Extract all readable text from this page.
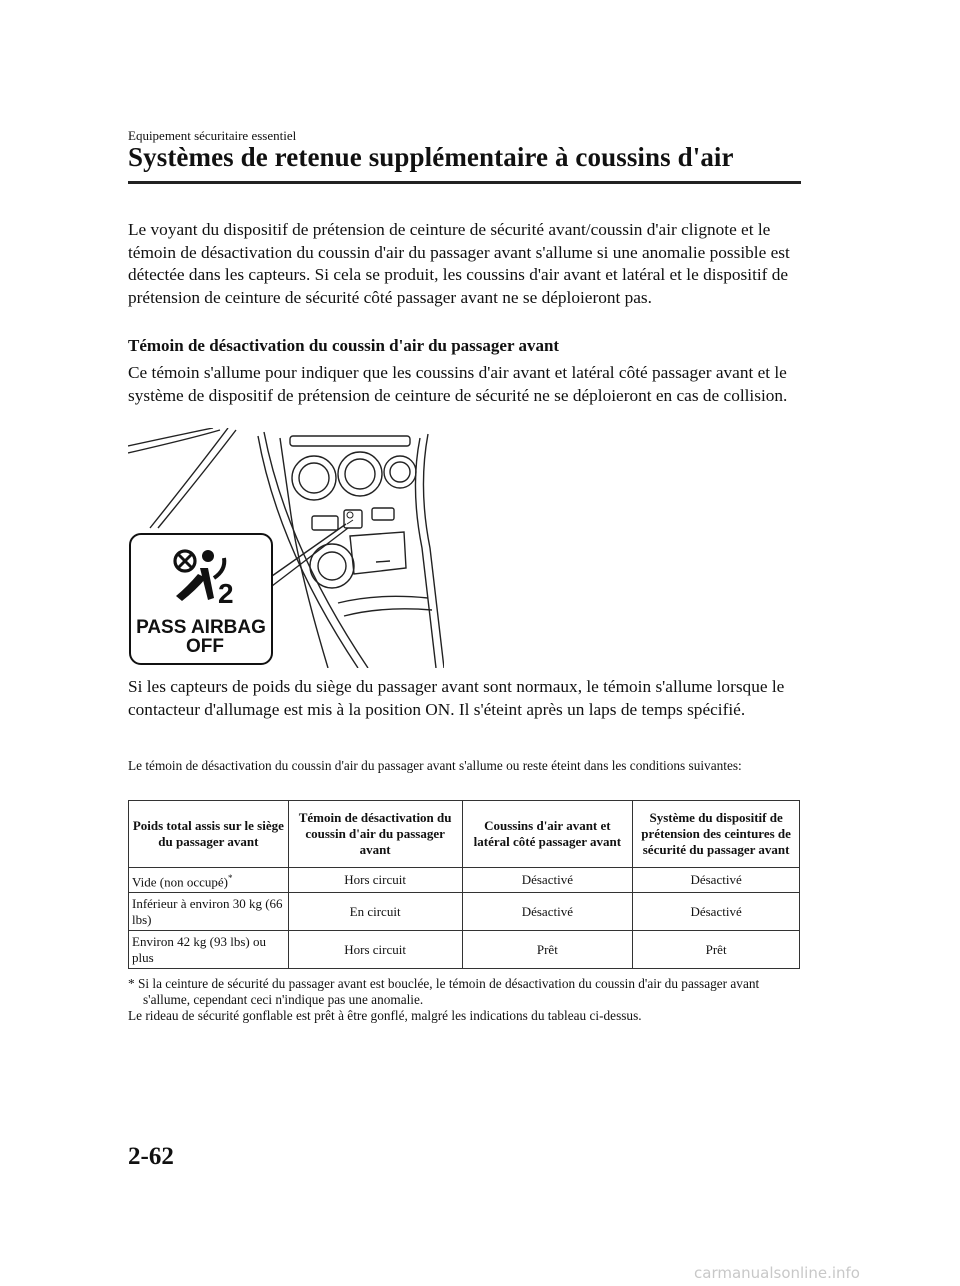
Equipement sécuritaire essentiel
Systèmes de retenue supplémentaire à coussins d'air
Le voyant du dispositif de prétension de ceinture de sécurité avant/coussin d'air clignote et le témoin de désactivation du coussin d'air du passager avant s'allume si une anomalie possible est détectée dans les capteurs. Si cela se produit, les coussins d'air avant et latéral et le dispositif de prétension de ceinture de sécurité côté passager avant ne se déploieront pas.
Témoin de désactivation du coussin d'air du passager avant
Ce témoin s'allume pour indiquer que les coussins d'air avant et latéral côté passager avant et le système de dispositif de prétension de ceinture de sécurité ne se déploieront en cas de collision.
2
PASS AIRBAG
OFF
Si les capteurs de poids du siège du passager avant sont normaux, le témoin s'allume lorsque le contacteur d'allumage est mis à la position ON. Il s'éteint après un laps de temps spécifié.
Le témoin de désactivation du coussin d'air du passager avant s'allume ou reste éteint dans les conditions suivantes:
Poids total assis sur le siège du passager avant	Témoin de désactivation du coussin d'air du passager avant	Coussins d'air avant et latéral côté passager avant	Système du dispositif de prétension des ceintures de sécurité du passager avant
Vide (non occupé)*	Hors circuit	Désactivé	Désactivé
Inférieur à environ 30 kg (66 lbs)	En circuit	Désactivé	Désactivé
Environ 42 kg (93 lbs) ou plus	Hors circuit	Prêt	Prêt
* Si la ceinture de sécurité du passager avant est bouclée, le témoin de désactivation du coussin d'air du passager avant s'allume, cependant ceci n'indique pas une anomalie.
Le rideau de sécurité gonflable est prêt à être gonflé, malgré les indications du tableau ci-dessus.
2-62
carmanualsonline.info
